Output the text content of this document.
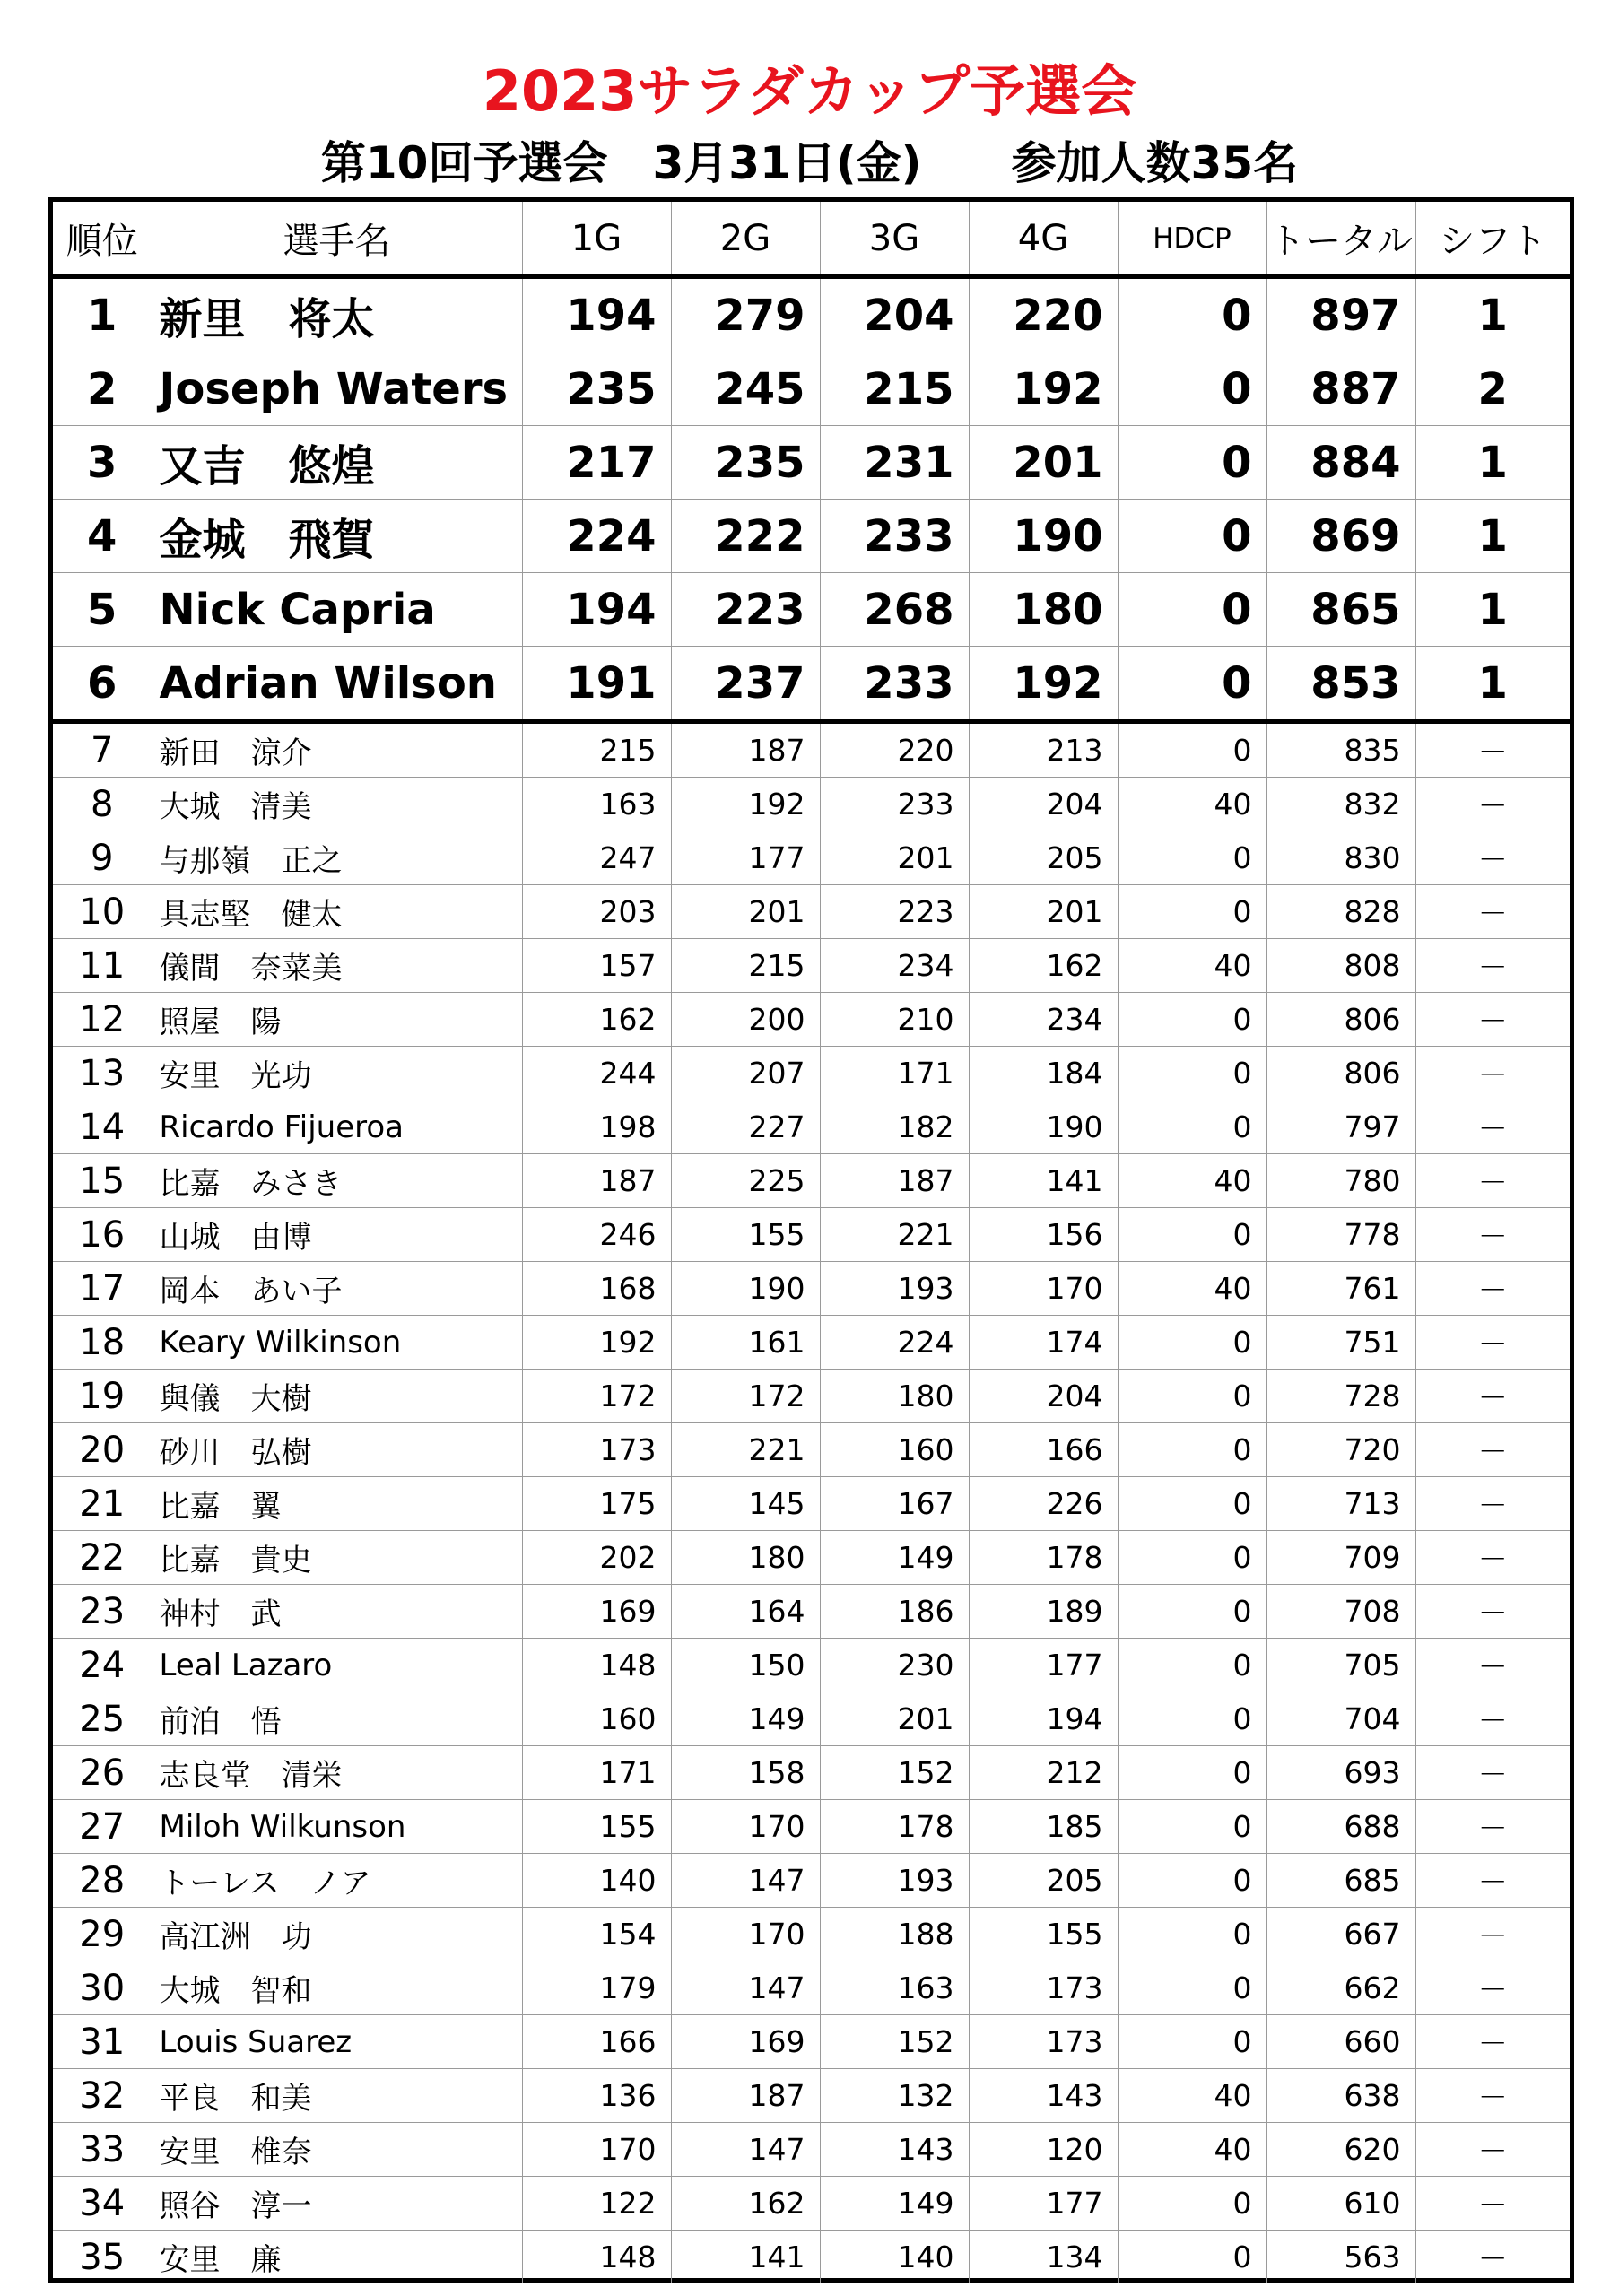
2023サラダカップ予選会
第10回予選会　3月31日(金)　　参加人数35名
順位	選手名	1G	2G	3G	4G	HDCP	トータル	シフト
1	新里　将太	194	279	204	220	0	897	1
2	Joseph Waters	235	245	215	192	0	887	2
3	又吉　悠煌	217	235	231	201	0	884	1
4	金城　飛賀	224	222	233	190	0	869	1
5	Nick Capria	194	223	268	180	0	865	1
6	Adrian Wilson	191	237	233	192	0	853	1
7	新田　涼介	215	187	220	213	0	835	－
8	大城　清美	163	192	233	204	40	832	－
9	与那嶺　正之	247	177	201	205	0	830	－
10	具志堅　健太	203	201	223	201	0	828	－
11	儀間　奈菜美	157	215	234	162	40	808	－
12	照屋　陽	162	200	210	234	0	806	－
13	安里　光功	244	207	171	184	0	806	－
14	Ricardo Fijueroa	198	227	182	190	0	797	－
15	比嘉　みさき	187	225	187	141	40	780	－
16	山城　由博	246	155	221	156	0	778	－
17	岡本　あい子	168	190	193	170	40	761	－
18	Keary Wilkinson	192	161	224	174	0	751	－
19	與儀　大樹	172	172	180	204	0	728	－
20	砂川　弘樹	173	221	160	166	0	720	－
21	比嘉　翼	175	145	167	226	0	713	－
22	比嘉　貴史	202	180	149	178	0	709	－
23	神村　武	169	164	186	189	0	708	－
24	Leal Lazaro	148	150	230	177	0	705	－
25	前泊　悟	160	149	201	194	0	704	－
26	志良堂　清栄	171	158	152	212	0	693	－
27	Miloh Wilkunson	155	170	178	185	0	688	－
28	トーレス　ノア	140	147	193	205	0	685	－
29	高江洲　功	154	170	188	155	0	667	－
30	大城　智和	179	147	163	173	0	662	－
31	Louis Suarez	166	169	152	173	0	660	－
32	平良　和美	136	187	132	143	40	638	－
33	安里　椎奈	170	147	143	120	40	620	－
34	照谷　淳一	122	162	149	177	0	610	－
35	安里　廉	148	141	140	134	0	563	－
